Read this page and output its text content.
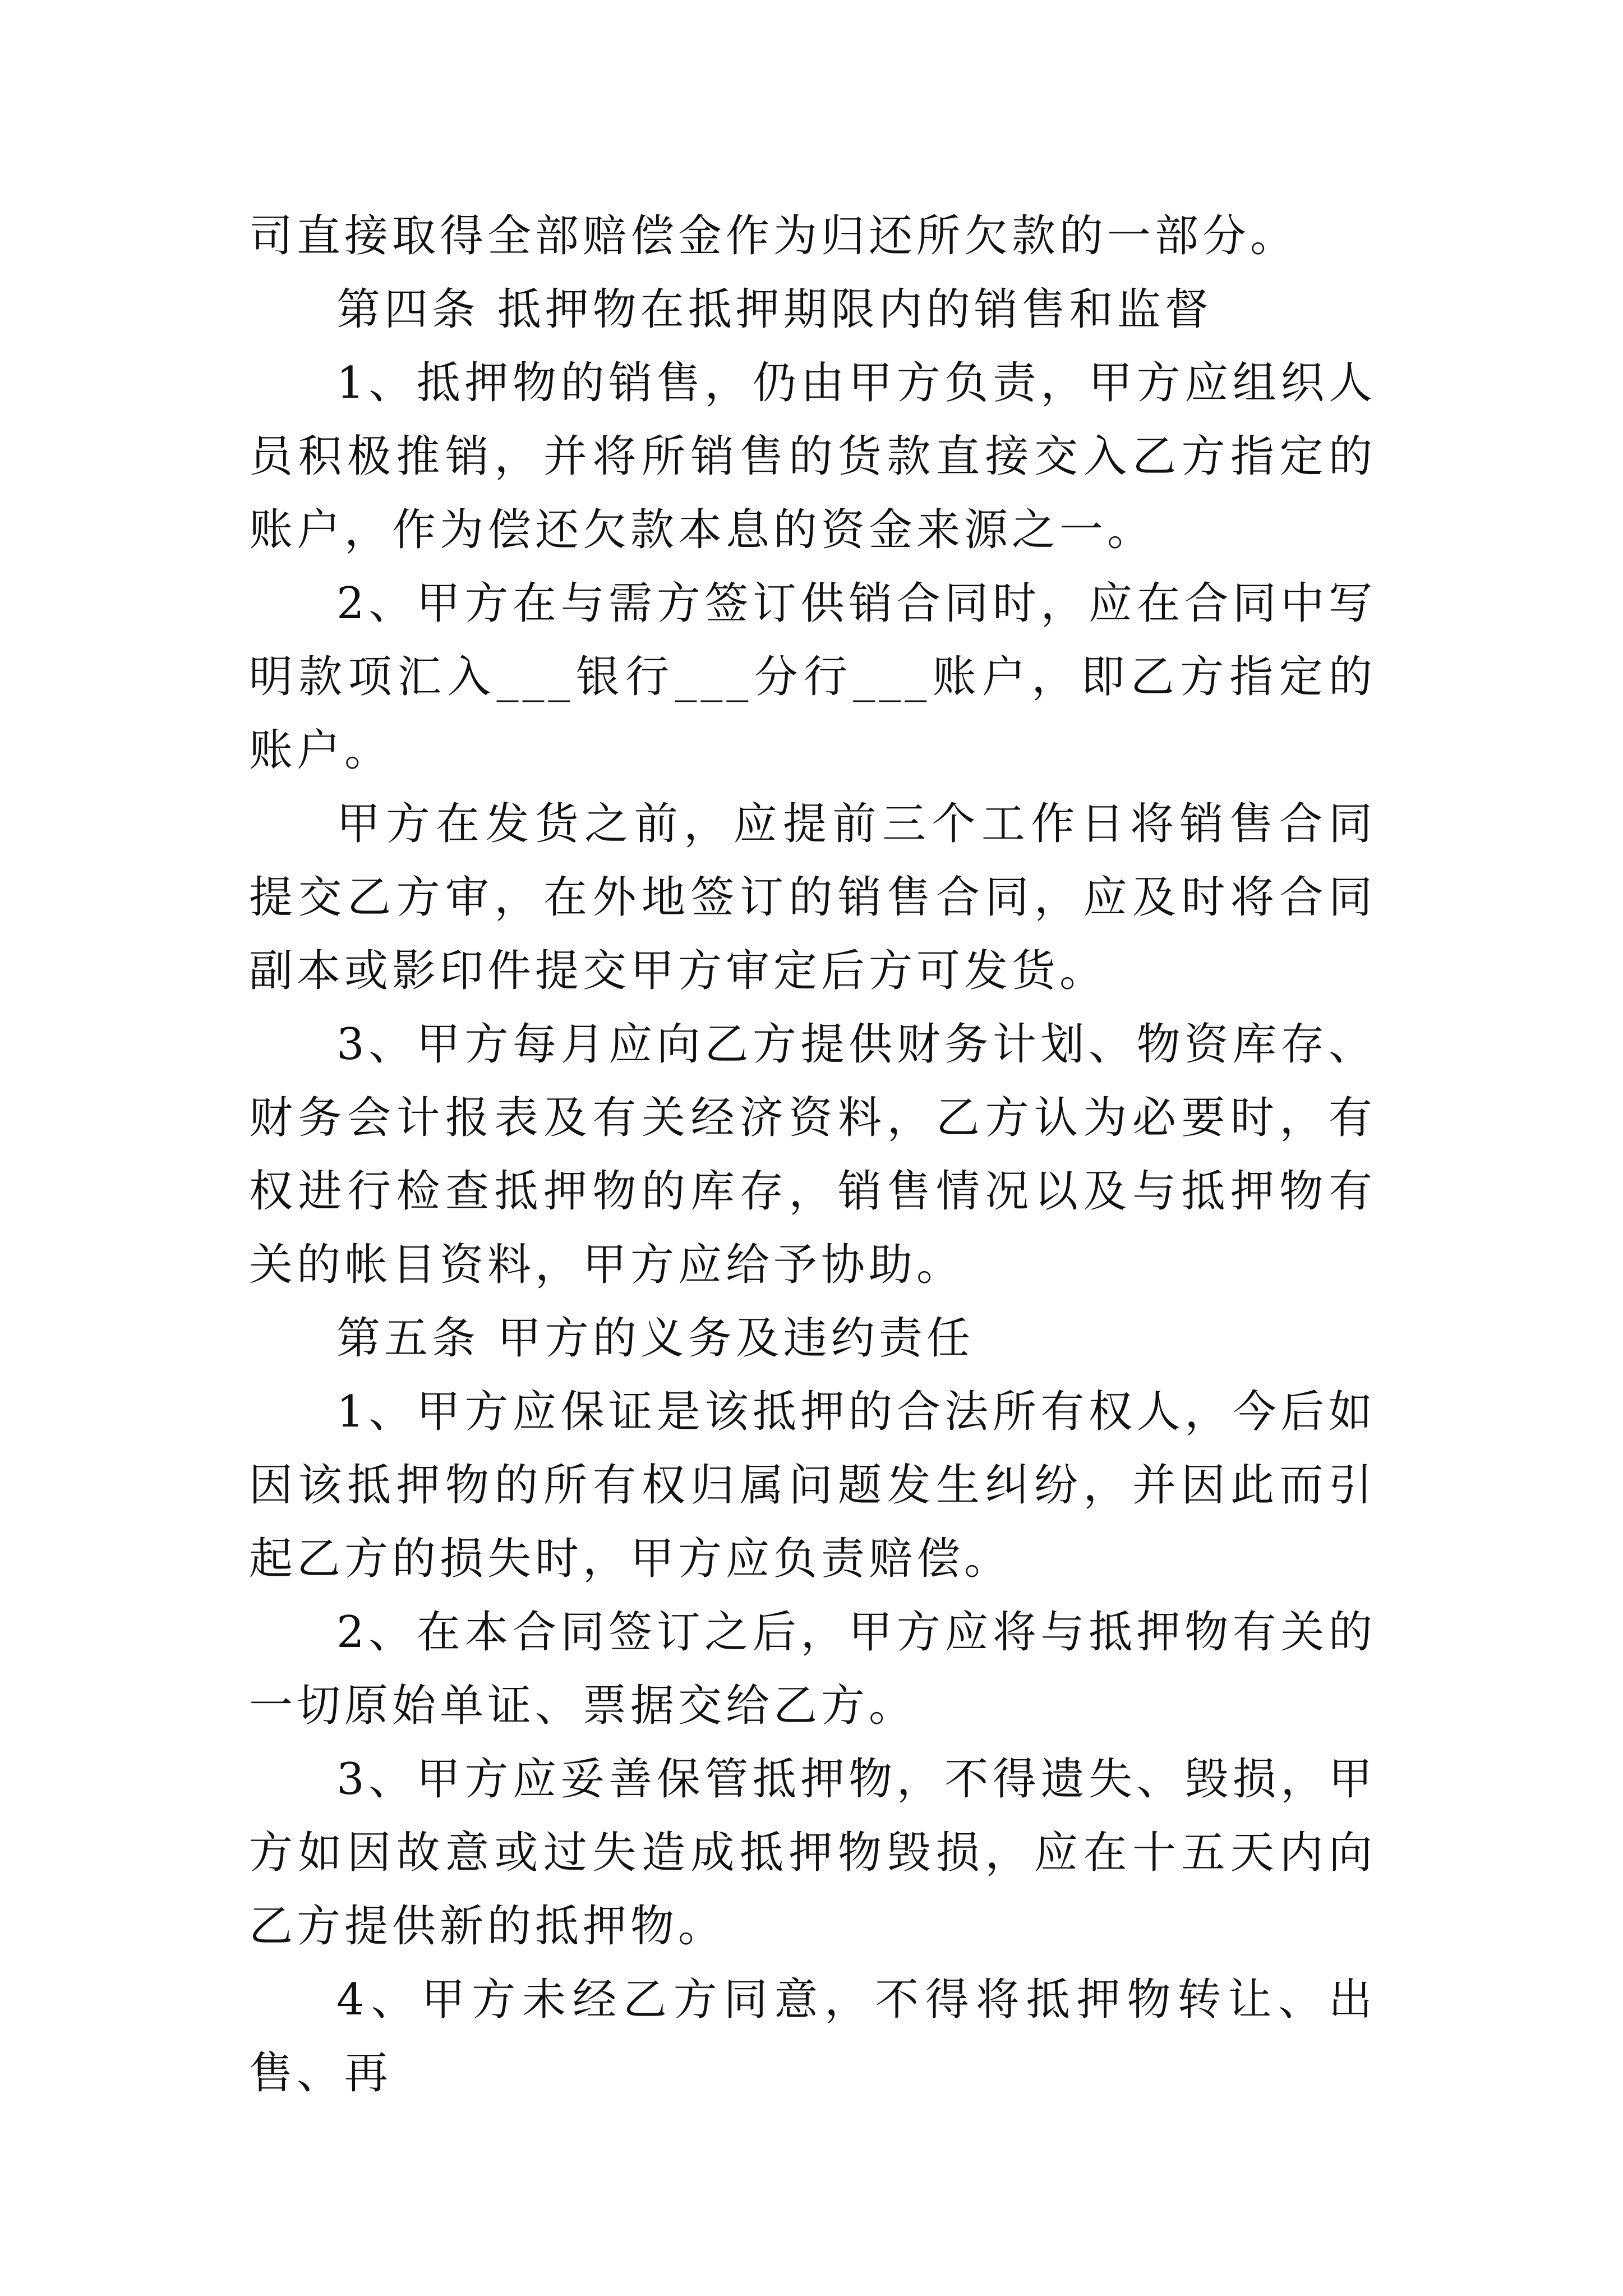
司直接取得全部赔偿金作为归还所欠款的一部分。

第四条 抵押物在抵押期限内的销售和监督

1、抵押物的销售，仍由甲方负责，甲方应组织人员积极推销，并将所销售的货款直接交入乙方指定的账户，作为偿还欠款本息的资金来源之一。

2、甲方在与需方签订供销合同时，应在合同中写明款项汇入___银行___分行___账户，即乙方指定的账户。

甲方在发货之前，应提前三个工作日将销售合同提交乙方审，在外地签订的销售合同，应及时将合同副本或影印件提交甲方审定后方可发货。

3、甲方每月应向乙方提供财务计划、物资库存、财务会计报表及有关经济资料，乙方认为必要时，有权进行检查抵押物的库存，销售情况以及与抵押物有关的帐目资料，甲方应给予协助。

第五条 甲方的义务及违约责任

1、甲方应保证是该抵押的合法所有权人，今后如因该抵押物的所有权归属问题发生纠纷，并因此而引起乙方的损失时，甲方应负责赔偿。

2、在本合同签订之后，甲方应将与抵押物有关的一切原始单证、票据交给乙方。

3、甲方应妥善保管抵押物，不得遗失、毁损，甲方如因故意或过失造成抵押物毁损，应在十五天内向乙方提供新的抵押物。

4、甲方未经乙方同意，不得将抵押物转让、出售、再
